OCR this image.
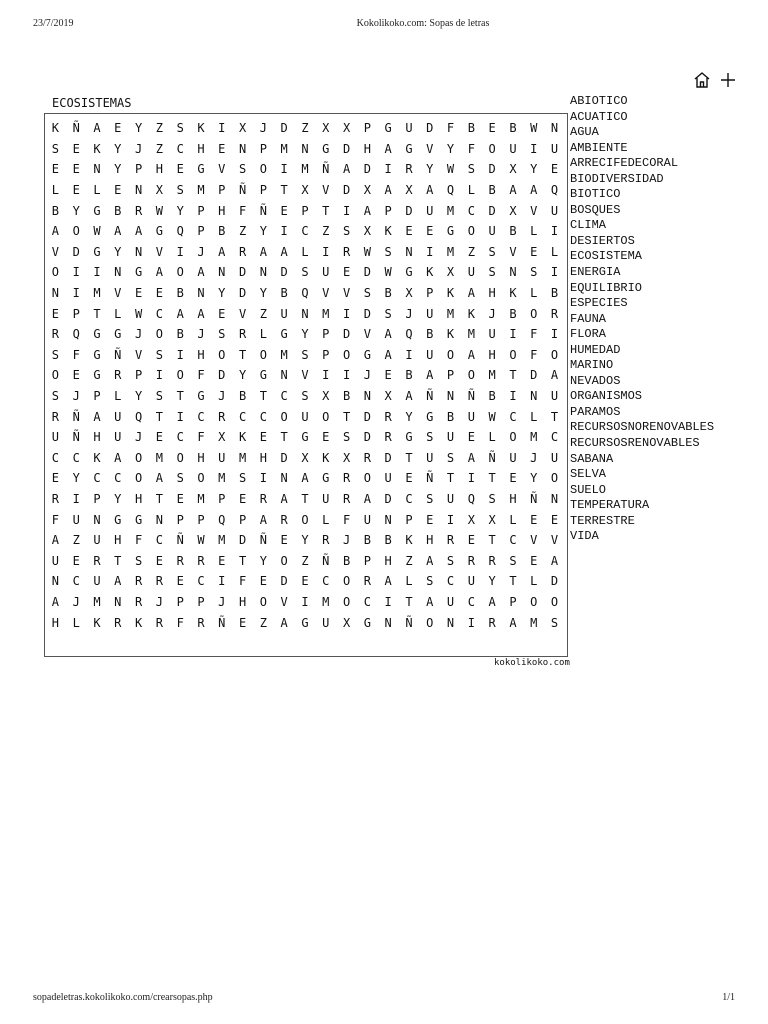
23/7/2019	Kokolikoko.com: Sopas de letras
ECOSISTEMAS
K	Ñ	A	E	Y	Z	S	K	I	X	J	D	Z	X	X	P	G	U	D	F	B	E	B	W	N
S	E	K	Y	J	Z	C	H	E	N	P	M	N	G	D	H	A	G	V	Y	F	O	U	I	U
E	E	N	Y	P	H	E	G	V	S	O	I	M	Ñ	A	D	I	R	Y	W	S	D	X	Y	E
L	E	L	E	N	X	S	M	P	Ñ	P	T	X	V	D	X	A	X	A	Q	L	B	A	A	Q
B	Y	G	B	R	W	Y	P	H	F	Ñ	E	P	T	I	A	P	D	U	M	C	D	X	V	U
A	O	W	A	A	G	Q	P	B	Z	Y	I	C	Z	S	X	K	E	E	G	O	U	B	L	I
V	D	G	Y	N	V	I	J	A	R	A	A	L	I	R	W	S	N	I	M	Z	S	V	E	L
O	I	I	N	G	A	O	A	N	D	N	D	S	U	E	D	W	G	K	X	U	S	N	S	I
N	I	M	V	E	E	B	N	Y	D	Y	B	Q	V	V	S	B	X	P	K	A	H	K	L	B
E	P	T	L	W	C	A	A	E	V	Z	U	N	M	I	D	S	J	U	M	K	J	B	O	R
R	Q	G	G	J	O	B	J	S	R	L	G	Y	P	D	V	A	Q	B	K	M	U	I	F	I
S	F	G	Ñ	V	S	I	H	O	T	O	M	S	P	O	G	A	I	U	O	A	H	O	F	O
O	E	G	R	P	I	O	F	D	Y	G	N	V	I	I	J	E	B	A	P	O	M	T	D	A
S	J	P	L	Y	S	T	G	J	B	T	C	S	X	B	N	X	A	Ñ	N	Ñ	B	I	N	U
R	Ñ	A	U	Q	T	I	C	R	C	C	O	U	O	T	D	R	Y	G	B	U	W	C	L	T
U	Ñ	H	U	J	E	C	F	X	K	E	T	G	E	S	D	R	G	S	U	E	L	O	M	C
C	C	K	A	O	M	O	H	U	M	H	D	X	K	X	R	D	T	U	S	A	Ñ	U	J	U
E	Y	C	C	O	A	S	O	M	S	I	N	A	G	R	O	U	E	Ñ	T	I	T	E	Y	O
R	I	P	Y	H	T	E	M	P	E	R	A	T	U	R	A	D	C	S	U	Q	S	H	Ñ	N
F	U	N	G	G	N	P	P	Q	P	A	R	O	L	F	U	N	P	E	I	X	X	L	E	E
A	Z	U	H	F	C	Ñ	W	M	D	Ñ	E	Y	R	J	B	B	K	H	R	E	T	C	V	V
U	E	R	T	S	E	R	R	E	T	Y	O	Z	Ñ	B	P	H	Z	A	S	R	R	S	E	A
N	C	U	A	R	R	E	C	I	F	E	D	E	C	O	R	A	L	S	C	U	Y	T	L	D
A	J	M	N	R	J	P	P	J	H	O	V	I	M	O	C	I	T	A	U	C	A	P	O	O
H	L	K	R	K	R	F	R	Ñ	E	Z	A	G	U	X	G	N	Ñ	O	N	I	R	A	M	S
kokolikoko.com
ABIOTICO
ACUATICO
AGUA
AMBIENTE
ARRECIFEDECORAL
BIODIVERSIDAD
BIOTICO
BOSQUES
CLIMA
DESIERTOS
ECOSISTEMA
ENERGIA
EQUILIBRIO
ESPECIES
FAUNA
FLORA
HUMEDAD
MARINO
NEVADOS
ORGANISMOS
PARAMOS
RECURSOSNORENOVABLES
RECURSOSRENOVABLES
SABANA
SELVA
SUELO
TEMPERATURA
TERRESTRE
VIDA
sopadeletras.kokolikoko.com/crearsopas.php	1/1
